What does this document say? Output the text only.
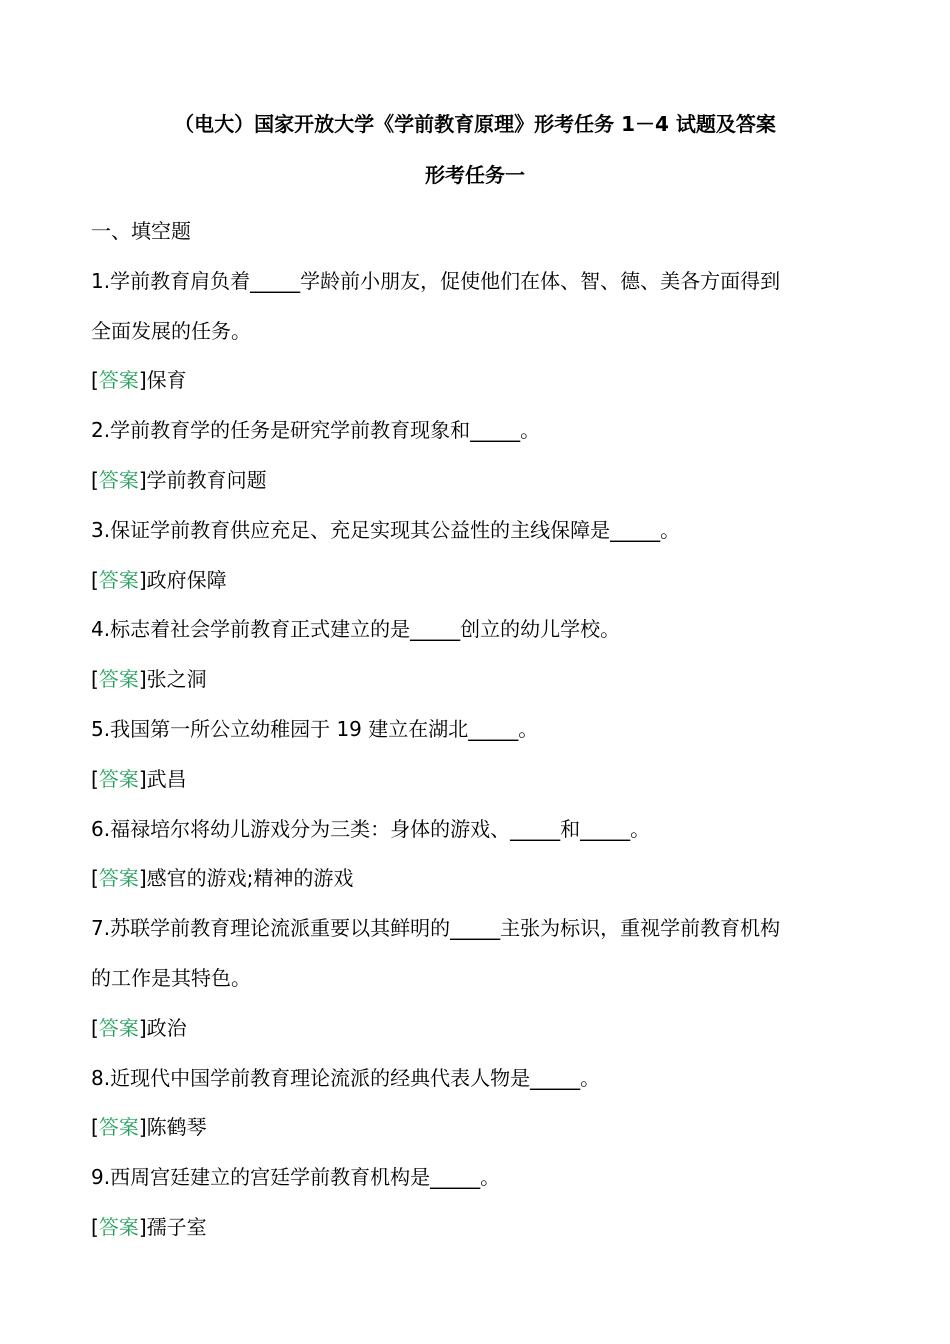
（电大）国家开放大学《学前教育原理》形考任务 1－4 试题及答案
形考任务一
一、填空题
1.学前教育肩负着_____学龄前小朋友，促使他们在体、智、德、美各方面得到
全面发展的任务。
[答案]保育
2.学前教育学的任务是研究学前教育现象和_____。
[答案]学前教育问题
3.保证学前教育供应充足、充足实现其公益性的主线保障是_____。
[答案]政府保障
4.标志着社会学前教育正式建立的是_____创立的幼儿学校。
[答案]张之洞
5.我国第一所公立幼稚园于 19 建立在湖北_____。
[答案]武昌
6.福禄培尔将幼儿游戏分为三类：身体的游戏、_____和_____。
[答案]感官的游戏;精神的游戏
7.苏联学前教育理论流派重要以其鲜明的_____主张为标识，重视学前教育机构
的工作是其特色。
[答案]政治
8.近现代中国学前教育理论流派的经典代表人物是_____。
[答案]陈鹤琴
9.西周宫廷建立的宫廷学前教育机构是_____。
[答案]孺子室
